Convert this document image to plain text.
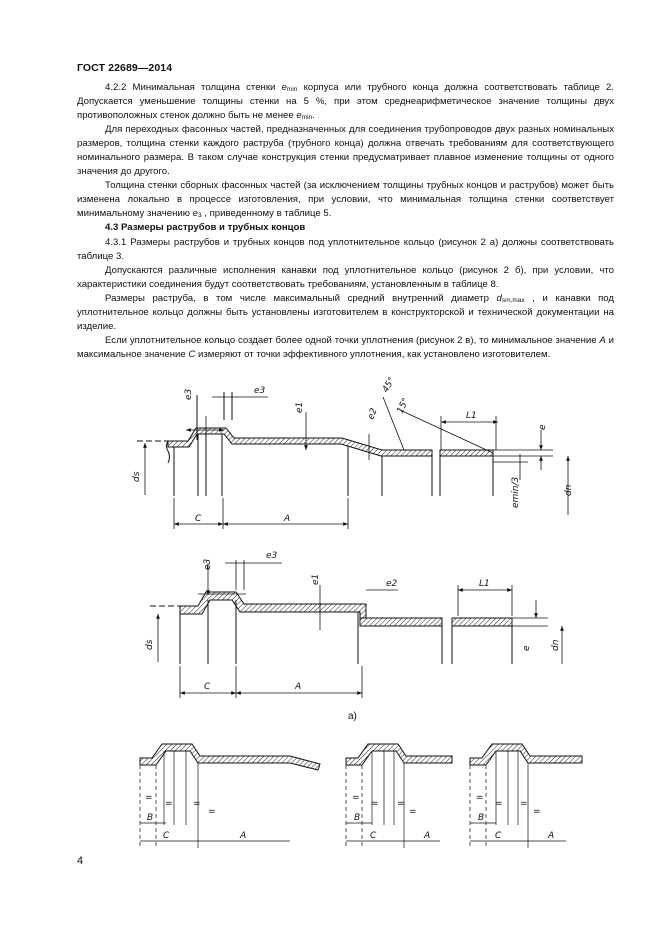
ГОСТ 22689—2014

4.2.2 Минимальная толщина стенки $e_{min}$ корпуса или трубного конца должна соответствовать таблице 2. Допускается уменьшение толщины стенки на 5 %, при этом среднеарифметическое значение толщины двух противоположных стенок должно быть не менее $e_{min}$.

Для переходных фасонных частей, предназначенных для соединения трубопроводов двух разных номинальных размеров, толщина стенки каждого раструба (трубного конца) должна отвечать требованиям для соответствующего номинального размера. В таком случае конструкция стенки предусматривает плавное изменение толщины от одного значения до другого.

Толщина стенки сборных фасонных частей (за исключением толщины трубных концов и раструбов) может быть изменена локально в процессе изготовления, при условии, что минимальная толщина стенки соответствует минимальному значению $e_3$ , приведенному в таблице 5.

4.3 Размеры раструбов и трубных концов

4.3.1 Размеры раструбов и трубных концов под уплотнительное кольцо (рисунок 2 а) должны соответствовать таблице 3.

Допускаются различные исполнения канавки под уплотнительное кольцо (рисунок 2 б), при условии, что характеристики соединения будут соответствовать требованиям, установленным в таблице 8.

Размеры раструба, в том числе максимальный средний внутренний диаметр $d_{sm,max}$ , и канавки под уплотнительное кольцо должны быть установлены изготовителем в конструкторской и технической документации на изделие.

Если уплотнительное кольцо создает более одной точки уплотнения (рисунок 2 в), то минимальное значение A и максимальное значение C измеряют от точки эффективного уплотнения, как установлено изготовителем.

e3	e3
e1	e2
45°
15°
L1
e
ds	emin/3	dn
C	A
e3
e3
e1	e2	L1
ds	e dn
C	A
=
= =
=
B
C	A
=
= =
=
B
C	A
=
= =
=
B
C	A
а)
4
